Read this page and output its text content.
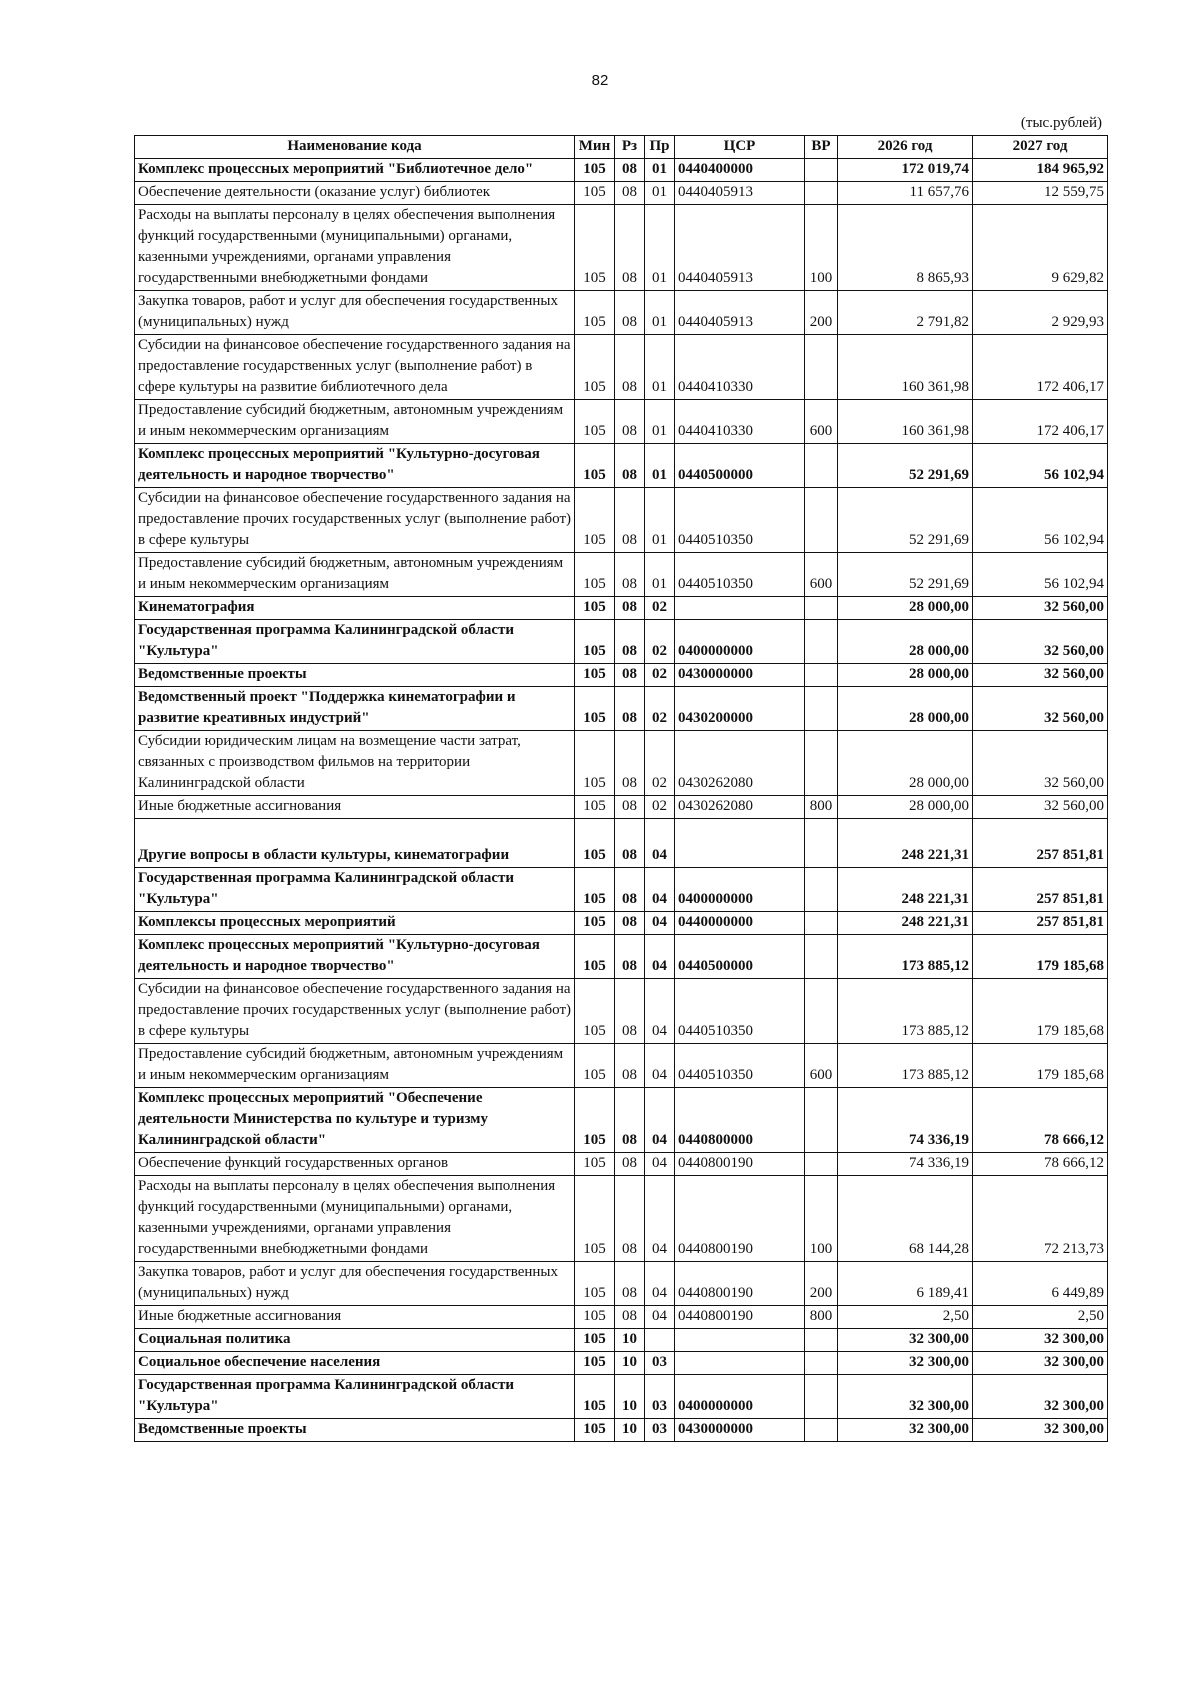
82
(тыс.рублей)
Наименование кода	Мин	Рз	Пр	ЦСР	ВР	2026 год	2027 год
Комплекс процессных мероприятий "Библиотечное дело"	105	08	01	0440400000		172 019,74	184 965,92
Обеспечение деятельности (оказание услуг) библиотек	105	08	01	0440405913		11 657,76	12 559,75
Расходы на выплаты персоналу в целях обеспечения выполнения функций государственными (муниципальными) органами, казенными учреждениями, органами управления государственными внебюджетными фондами	105	08	01	0440405913	100	8 865,93	9 629,82
Закупка товаров, работ и услуг для обеспечения государственных (муниципальных) нужд	105	08	01	0440405913	200	2 791,82	2 929,93
Субсидии на финансовое обеспечение государственного задания на предоставление государственных услуг (выполнение работ) в сфере культуры на развитие библиотечного дела	105	08	01	0440410330		160 361,98	172 406,17
Предоставление субсидий бюджетным, автономным учреждениям и иным некоммерческим организациям	105	08	01	0440410330	600	160 361,98	172 406,17
Комплекс процессных мероприятий "Культурно-досуговая деятельность и народное творчество"	105	08	01	0440500000		52 291,69	56 102,94
Субсидии на финансовое обеспечение государственного задания на предоставление прочих государственных услуг (выполнение работ) в сфере культуры	105	08	01	0440510350		52 291,69	56 102,94
Предоставление субсидий бюджетным, автономным учреждениям и иным некоммерческим организациям	105	08	01	0440510350	600	52 291,69	56 102,94
Кинематография	105	08	02			28 000,00	32 560,00
Государственная программа Калининградской области "Культура"	105	08	02	0400000000		28 000,00	32 560,00
Ведомственные проекты	105	08	02	0430000000		28 000,00	32 560,00
Ведомственный проект "Поддержка кинематографии и развитие креативных индустрий"	105	08	02	0430200000		28 000,00	32 560,00
Субсидии юридическим лицам на возмещение части затрат, связанных с производством фильмов на территории Калининградской области	105	08	02	0430262080		28 000,00	32 560,00
Иные бюджетные ассигнования	105	08	02	0430262080	800	28 000,00	32 560,00
Другие вопросы в области культуры, кинематографии	105	08	04			248 221,31	257 851,81
Государственная программа Калининградской области "Культура"	105	08	04	0400000000		248 221,31	257 851,81
Комплексы процессных мероприятий	105	08	04	0440000000		248 221,31	257 851,81
Комплекс процессных мероприятий "Культурно-досуговая деятельность и народное творчество"	105	08	04	0440500000		173 885,12	179 185,68
Субсидии на финансовое обеспечение государственного задания на предоставление прочих государственных услуг (выполнение работ) в сфере культуры	105	08	04	0440510350		173 885,12	179 185,68
Предоставление субсидий бюджетным, автономным учреждениям и иным некоммерческим организациям	105	08	04	0440510350	600	173 885,12	179 185,68
Комплекс процессных мероприятий "Обеспечение деятельности Министерства по культуре и туризму Калининградской области"	105	08	04	0440800000		74 336,19	78 666,12
Обеспечение функций государственных органов	105	08	04	0440800190		74 336,19	78 666,12
Расходы на выплаты персоналу в целях обеспечения выполнения функций государственными (муниципальными) органами, казенными учреждениями, органами управления государственными внебюджетными фондами	105	08	04	0440800190	100	68 144,28	72 213,73
Закупка товаров, работ и услуг для обеспечения государственных (муниципальных) нужд	105	08	04	0440800190	200	6 189,41	6 449,89
Иные бюджетные ассигнования	105	08	04	0440800190	800	2,50	2,50
Социальная политика	105	10				32 300,00	32 300,00
Социальное обеспечение населения	105	10	03			32 300,00	32 300,00
Государственная программа Калининградской области "Культура"	105	10	03	0400000000		32 300,00	32 300,00
Ведомственные проекты	105	10	03	0430000000		32 300,00	32 300,00
